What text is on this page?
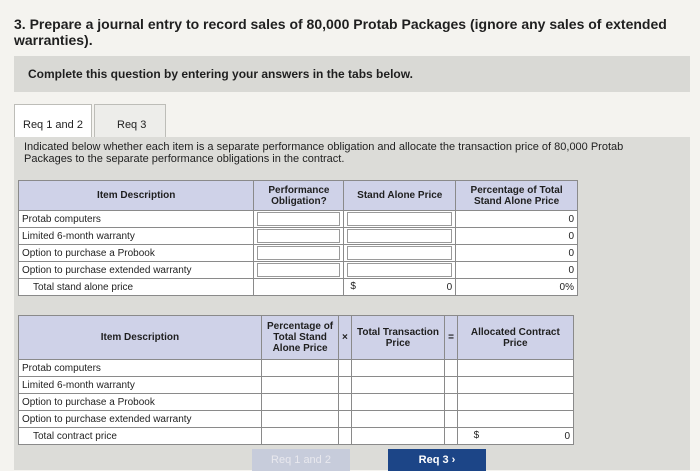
3. Prepare a journal entry to record sales of 80,000 Protab Packages (ignore any sales of extended warranties).
Complete this question by entering your answers in the tabs below.
Req 1 and 2	Req 3
Indicated below whether each item is a separate performance obligation and allocate the transaction price of 80,000 Protab Packages to the separate performance obligations in the contract.
Item Description	Performance Obligation?	Stand Alone Price	Percentage of Total Stand Alone Price
Protab computers			0
Limited 6-month warranty			0
Option to purchase a Probook			0
Option to purchase extended warranty			0
Total stand alone price		$ 0	0%
Item Description	Percentage of Total Stand Alone Price	×	Total Transaction Price	=	Allocated Contract Price
Protab computers					
Limited 6-month warranty					
Option to purchase a Probook					
Option to purchase extended warranty					
Total contract price					$ 0
Req 1 and 2	Req 3 ›
